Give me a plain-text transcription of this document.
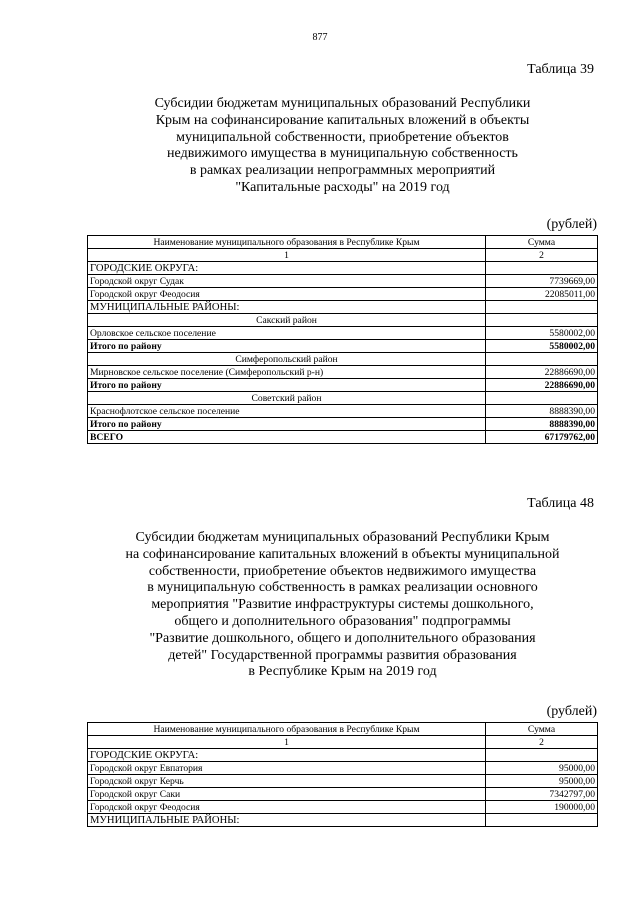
877
Таблица 39
Субсидии бюджетам муниципальных образований Республики
Крым на софинансирование капитальных вложений в объекты
муниципальной собственности, приобретение объектов
недвижимого имущества в муниципальную собственность
в рамках реализации непрограммных мероприятий
"Капитальные расходы" на 2019 год
(рублей)
Наименование муниципального образования в Республике Крым	Сумма
1	2
ГОРОДСКИЕ ОКРУГА:	
Городской округ Судак	7739669,00
Городской округ Феодосия	22085011,00
МУНИЦИПАЛЬНЫЕ РАЙОНЫ:	
Сакский район	
Орловское сельское поселение	5580002,00
Итого по району	5580002,00
Симферопольский район	
Мирновское сельское поселение (Симферопольский р-н)	22886690,00
Итого по району	22886690,00
Советский район	
Краснофлотское сельское поселение	8888390,00
Итого по району	8888390,00
ВСЕГО	67179762,00
Таблица 48
Субсидии бюджетам муниципальных образований Республики Крым
на софинансирование капитальных вложений в объекты муниципальной
собственности, приобретение объектов недвижимого имущества
в муниципальную собственность в рамках реализации основного
мероприятия "Развитие инфраструктуры системы дошкольного,
общего и дополнительного образования" подпрограммы
"Развитие дошкольного, общего и дополнительного образования
детей" Государственной программы развития образования
в Республике Крым на 2019 год
(рублей)
Наименование муниципального образования в Республике Крым	Сумма
1	2
ГОРОДСКИЕ ОКРУГА:	
Городской округ Евпатория	95000,00
Городской округ Керчь	95000,00
Городской округ Саки	7342797,00
Городской округ Феодосия	190000,00
МУНИЦИПАЛЬНЫЕ РАЙОНЫ:	
